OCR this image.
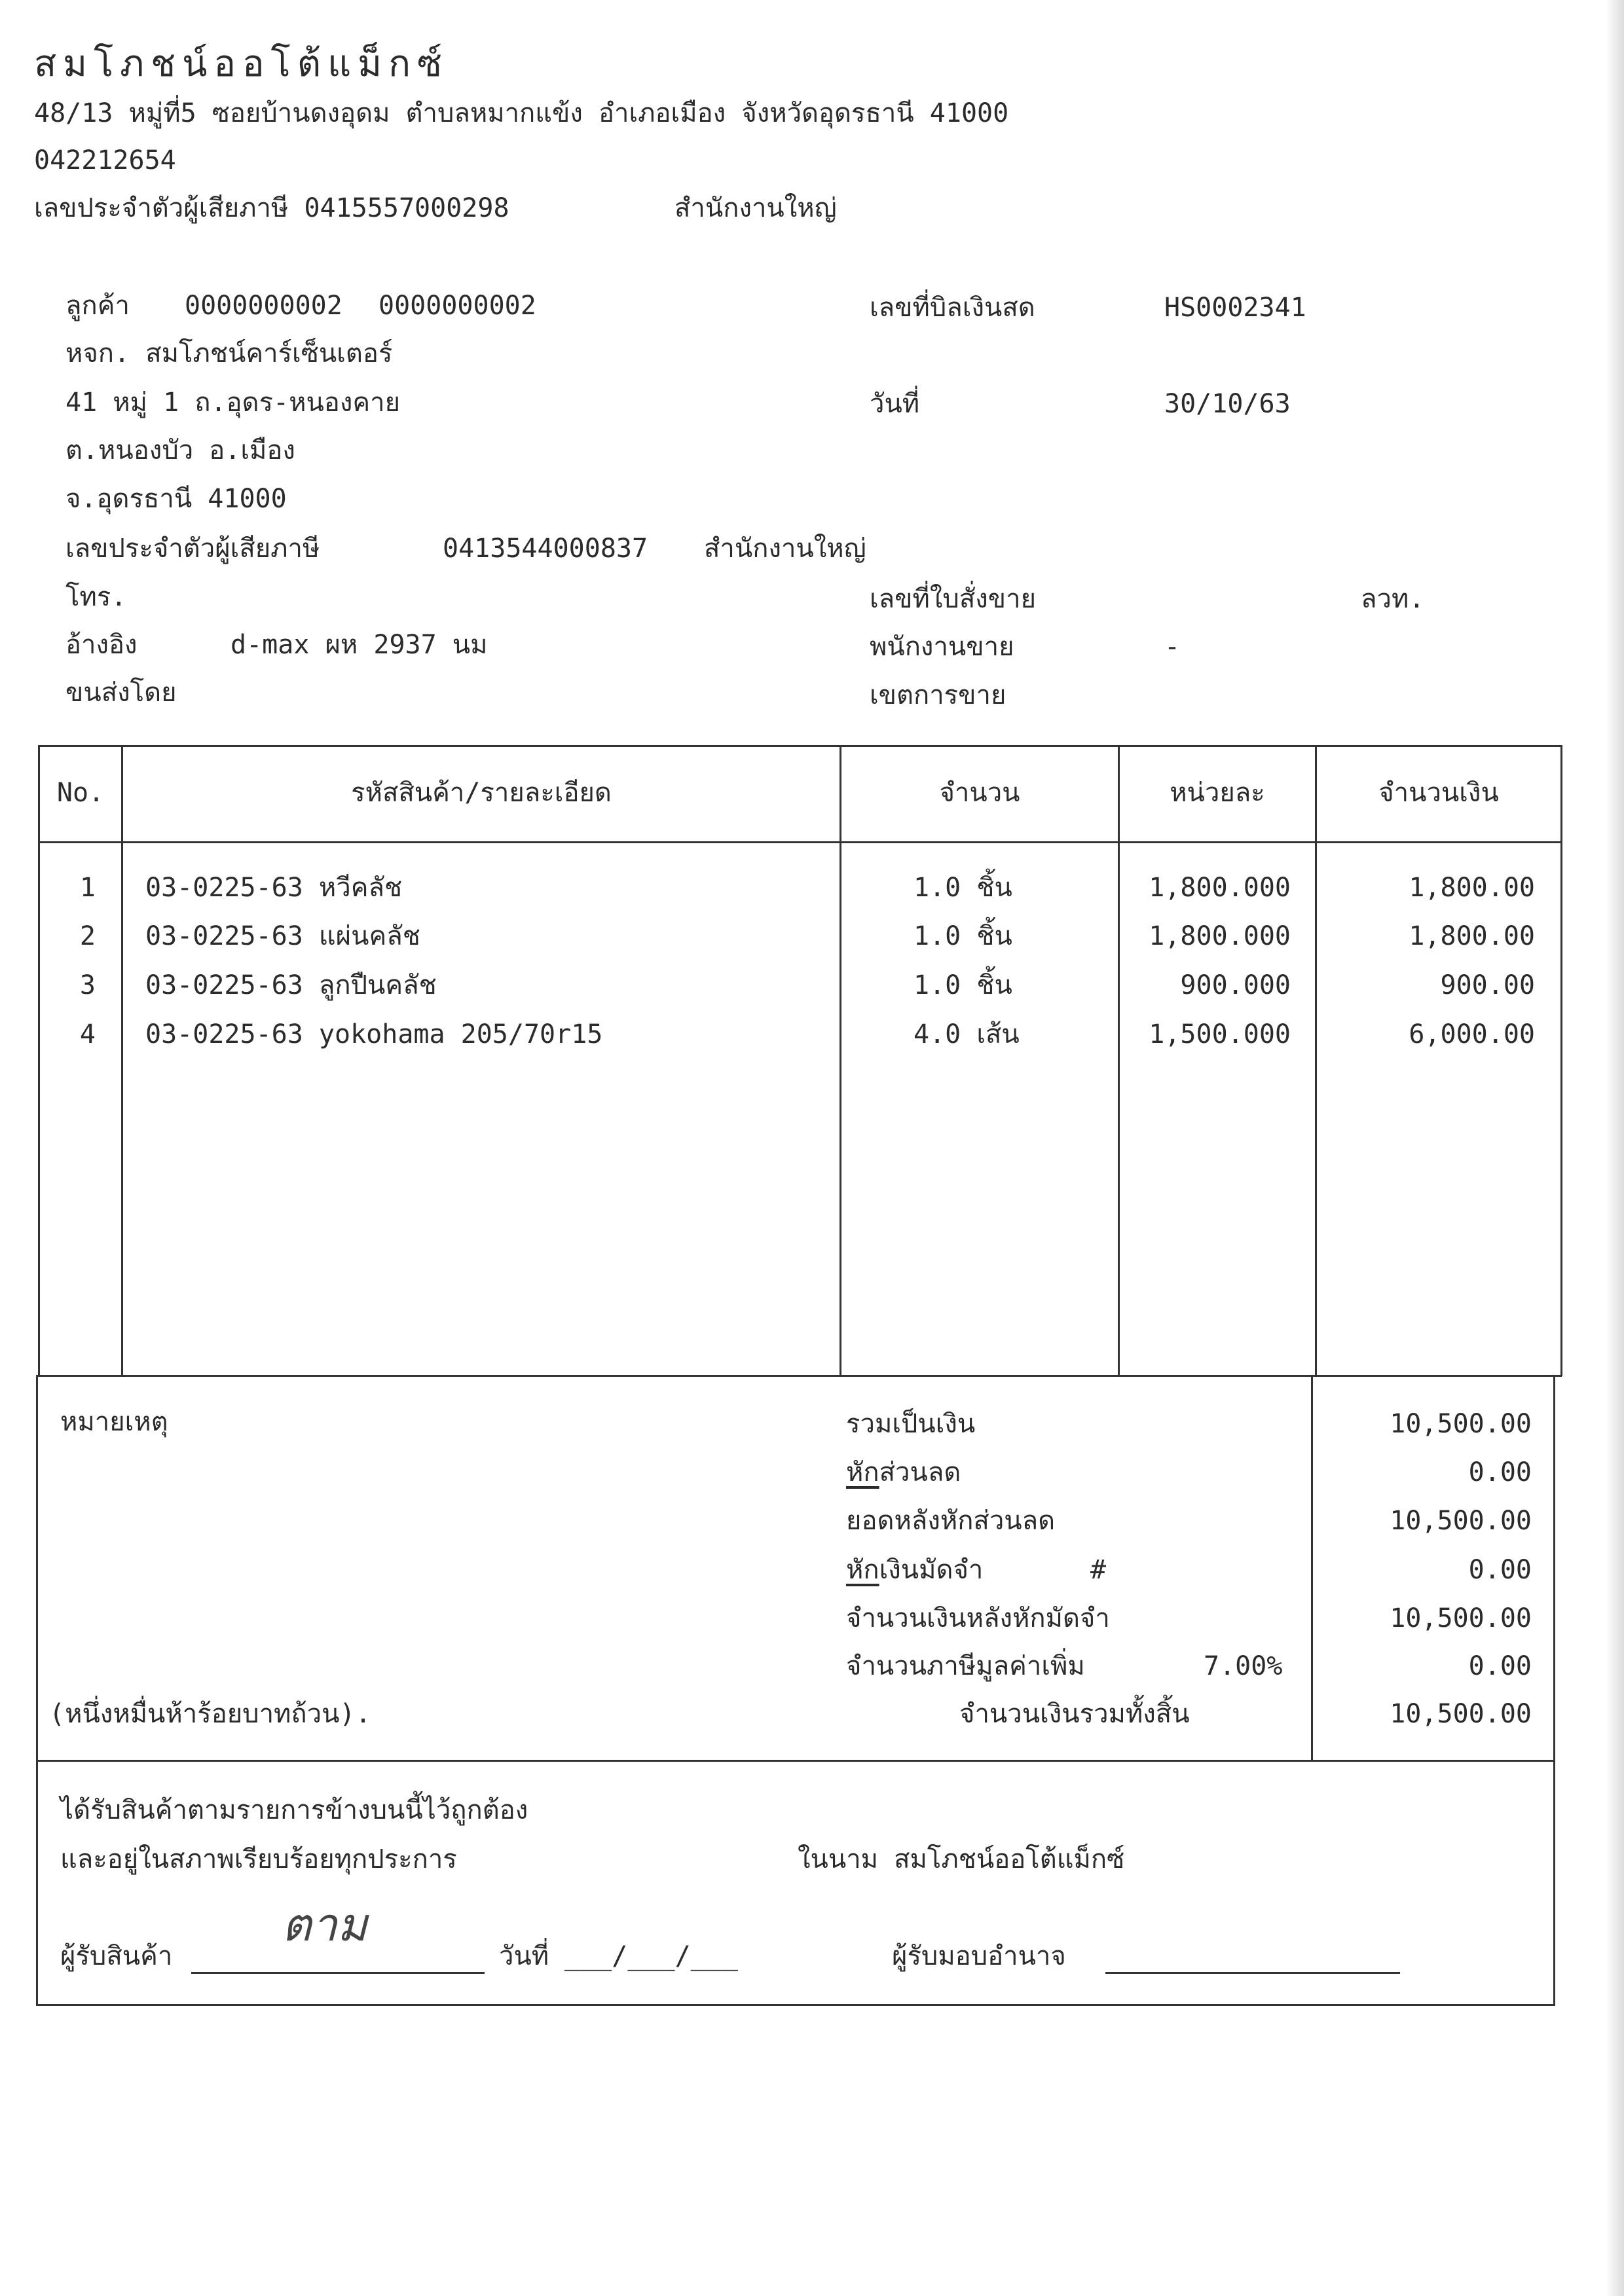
สมโภชน์ออโต้แม็กซ์
48/13 หมู่ที่5 ซอยบ้านดงอุดม ตำบลหมากแข้ง อำเภอเมือง จังหวัดอุดรธานี 41000
042212654
เลขประจำตัวผู้เสียภาษี 0415557000298	สำนักงานใหญ่
ลูกค้า 0000000002 0000000002
หจก. สมโภชน์คาร์เซ็นเตอร์
41 หมู่ 1 ถ.อุดร-หนองคาย
ต.หนองบัว อ.เมือง
จ.อุดรธานี 41000
เลขประจำตัวผู้เสียภาษี	0413544000837 สำนักงานใหญ่
โทร.
อ้างอิง	d-max ผห 2937 นม
ขนส่งโดย
เลขที่บิลเงินสด	HS0002341
วันที่	30/10/63
เลขที่ใบสั่งขาย	ลวท.
พนักงานขาย	-
เขตการขาย
No.	รหัสสินค้า/รายละเอียด	จำนวน	หน่วยละ	จำนวนเงิน
1 03-0225-63 หวีคลัช	1.0 ชิ้น	1,800.000	1,800.00
2 03-0225-63 แผ่นคลัช	1.0 ชิ้น	1,800.000	1,800.00
3 03-0225-63 ลูกปืนคลัช	1.0 ชิ้น	900.000	900.00
4 03-0225-63 yokohama 205/70r15	4.0 เส้น	1,500.000	6,000.00
หมายเหตุ	รวมเป็นเงิน	10,500.00
หักส่วนลด	0.00
ยอดหลังหักส่วนลด	10,500.00
หักเงินมัดจำ	#	0.00
จำนวนเงินหลังหักมัดจำ	10,500.00
จำนวนภาษีมูลค่าเพิ่ม	7.00%	0.00
(หนึ่งหมื่นห้าร้อยบาทถ้วน).	จำนวนเงินรวมทั้งสิ้น	10,500.00
ได้รับสินค้าตามรายการข้างบนนี้ไว้ถูกต้อง
และอยู่ในสภาพเรียบร้อยทุกประการ	ในนาม สมโภชน์ออโต้แม็กซ์
ผู้รับสินค้า
ตาม
วันที่ ___/___/___	ผู้รับมอบอำนาจ
